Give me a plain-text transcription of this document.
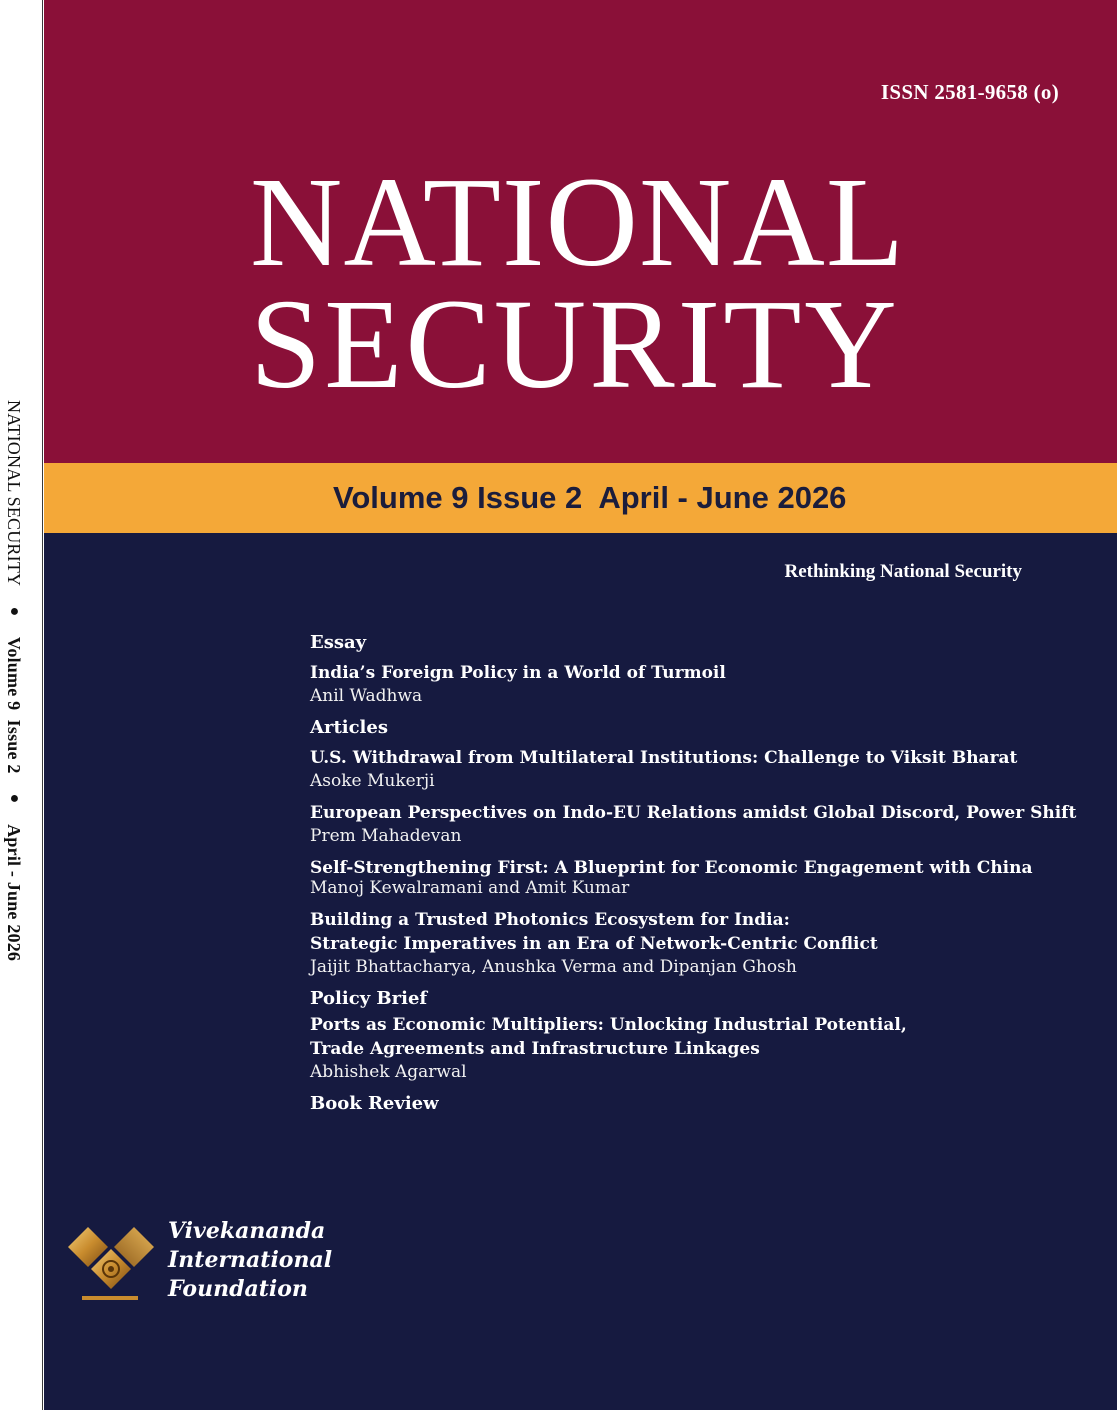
NATIONAL SECURITY ● Volume 9  Issue 2 ● April - June 2026
ISSN 2581-9658 (o)
NATIONAL
SECURITY
Volume 9 Issue 2  April - June 2026
Rethinking National Security
Essay
India’s Foreign Policy in a World of Turmoil
Anil Wadhwa
Articles
U.S. Withdrawal from Multilateral Institutions: Challenge to Viksit Bharat
Asoke Mukerji
European Perspectives on Indo-EU Relations amidst Global Discord, Power Shift
Prem Mahadevan
Self-Strengthening First: A Blueprint for Economic Engagement with China
Manoj Kewalramani and Amit Kumar
Building a Trusted Photonics Ecosystem for India:
Strategic Imperatives in an Era of Network-Centric Conflict
Jaijit Bhattacharya, Anushka Verma and Dipanjan Ghosh
Policy Brief
Ports as Economic Multipliers: Unlocking Industrial Potential,
Trade Agreements and Infrastructure Linkages
Abhishek Agarwal
Book Review
Vivekananda
International
Foundation
